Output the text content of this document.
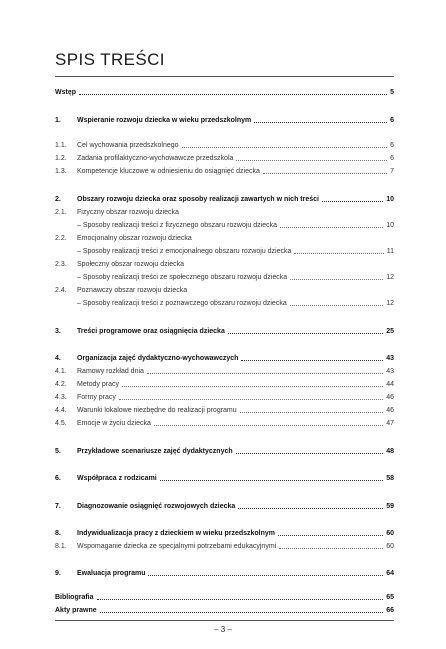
SPIS TREŚCI
Wstęp	5
1.	Wspieranie rozwoju dziecka w wieku przedszkolnym	6
1.1.	Cel wychowania przedszkolnego	6
1.2.	Zadania profilaktyczno-wychowawcze przedszkola	6
1.3.	Kompetencje kluczowe w odniesieniu do osiągnięć dziecka	7
2.	Obszary rozwoju dziecka oraz sposoby realizacji zawartych w nich treści	10
2.1.	Fizyczny obszar rozwoju dziecka
– Sposoby realizacji treści z fizycznego obszaru rozwoju dziecka	10
2.2.	Emocjonalny obszar rozwoju dziecka
– Sposoby realizacji treści z emocjonalnego obszaru rozwoju dziecka	11
2.3.	Społeczny obszar rozwoju dziecka
– Sposoby realizacji treści ze społecznego obszaru rozwoju dziecka	12
2.4.	Poznawczy obszar rozwoju dziecka
– Sposoby realizacji treści z poznawczego obszaru rozwoju dziecka	12
3.	Treści programowe oraz osiągnięcia dziecka	25
4.	Organizacja zajęć dydaktyczno-wychowawczych	43
4.1.	Ramowy rozkład dnia	43
4.2.	Metody pracy	44
4.3.	Formy pracy	46
4.4.	Warunki lokalowe niezbędne do realizacji programu	46
4.5.	Emocje w życiu dziecka	47
5.	Przykładowe scenariusze zajęć dydaktycznych	48
6.	Współpraca z rodzicami	58
7.	Diagnozowanie osiągnięć rozwojowych dziecka	59
8.	Indywidualizacja pracy z dzieckiem w wieku przedszkolnym	60
8.1.	Wspomaganie dziecka ze specjalnymi potrzebami edukacyjnymi	60
9.	Ewaluacja programu	64
Bibliografia	65
Akty prawne	66
– 3 –
